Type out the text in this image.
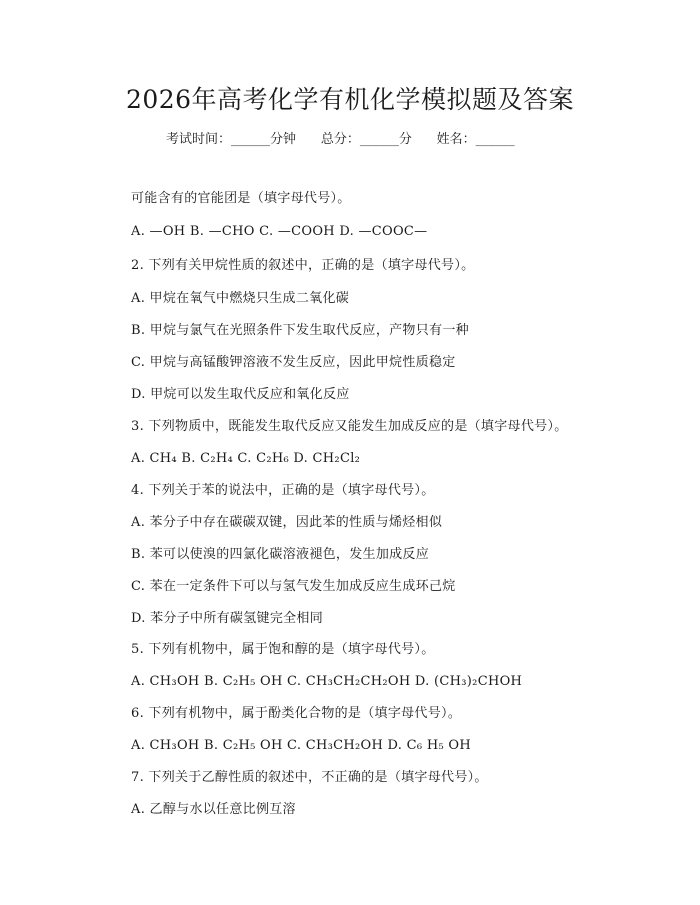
2026年高考化学有机化学模拟题及答案
考试时间：______分钟 总分：______分 姓名：______
可能含有的官能团是（填字母代号）。
A. —OH B. —CHO C. —COOH D. —COOC—
2. 下列有关甲烷性质的叙述中，正确的是（填字母代号）。
A. 甲烷在氧气中燃烧只生成二氧化碳
B. 甲烷与氯气在光照条件下发生取代反应，产物只有一种
C. 甲烷与高锰酸钾溶液不发生反应，因此甲烷性质稳定
D. 甲烷可以发生取代反应和氧化反应
3. 下列物质中，既能发生取代反应又能发生加成反应的是（填字母代号）。
A. CH₄ B. C₂H₄ C. C₂H₆ D. CH₂Cl₂
4. 下列关于苯的说法中，正确的是（填字母代号）。
A. 苯分子中存在碳碳双键，因此苯的性质与烯烃相似
B. 苯可以使溴的四氯化碳溶液褪色，发生加成反应
C. 苯在一定条件下可以与氢气发生加成反应生成环己烷
D. 苯分子中所有碳氢键完全相同
5. 下列有机物中，属于饱和醇的是（填字母代号）。
A. CH₃OH B. C₂H₅ OH C. CH₃CH₂CH₂OH D. (CH₃)₂CHOH
6. 下列有机物中，属于酚类化合物的是（填字母代号）。
A. CH₃OH B. C₂H₅ OH C. CH₃CH₂OH D. C₆ H₅ OH
7. 下列关于乙醇性质的叙述中，不正确的是（填字母代号）。
A. 乙醇与水以任意比例互溶
